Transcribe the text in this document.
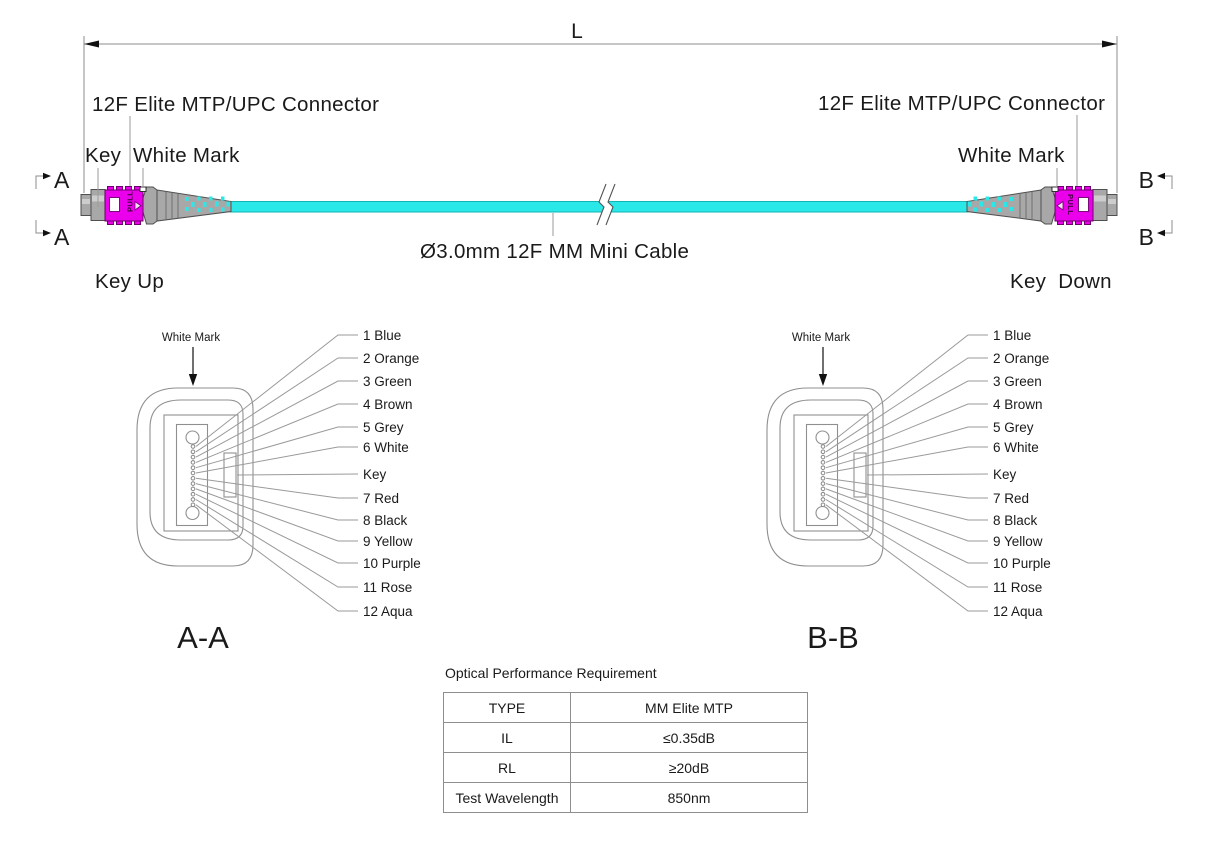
L
Ø3.0mm 12F MM Mini Cable
PULL	PULL
12F Elite MTP/UPC Connector
Key White Mark
Key Up
A
A
12F Elite MTP/UPC Connector
White Mark
Key  Down
B
B
White Mark	1 Blue
2 Orange
3 Green
4 Brown
5 Grey
6 White
Key
7 Red
8 Black
9 Yellow
10 Purple
11 Rose
12 Aqua
A-A
White Mark	1 Blue
2 Orange
3 Green
4 Brown
5 Grey
6 White
Key
7 Red
8 Black
9 Yellow
10 Purple
11 Rose
12 Aqua
B-B
Optical Performance Requirement
TYPE	MM Elite MTP
IL	≤0.35dB
RL	≥20dB
Test Wavelength	850nm
